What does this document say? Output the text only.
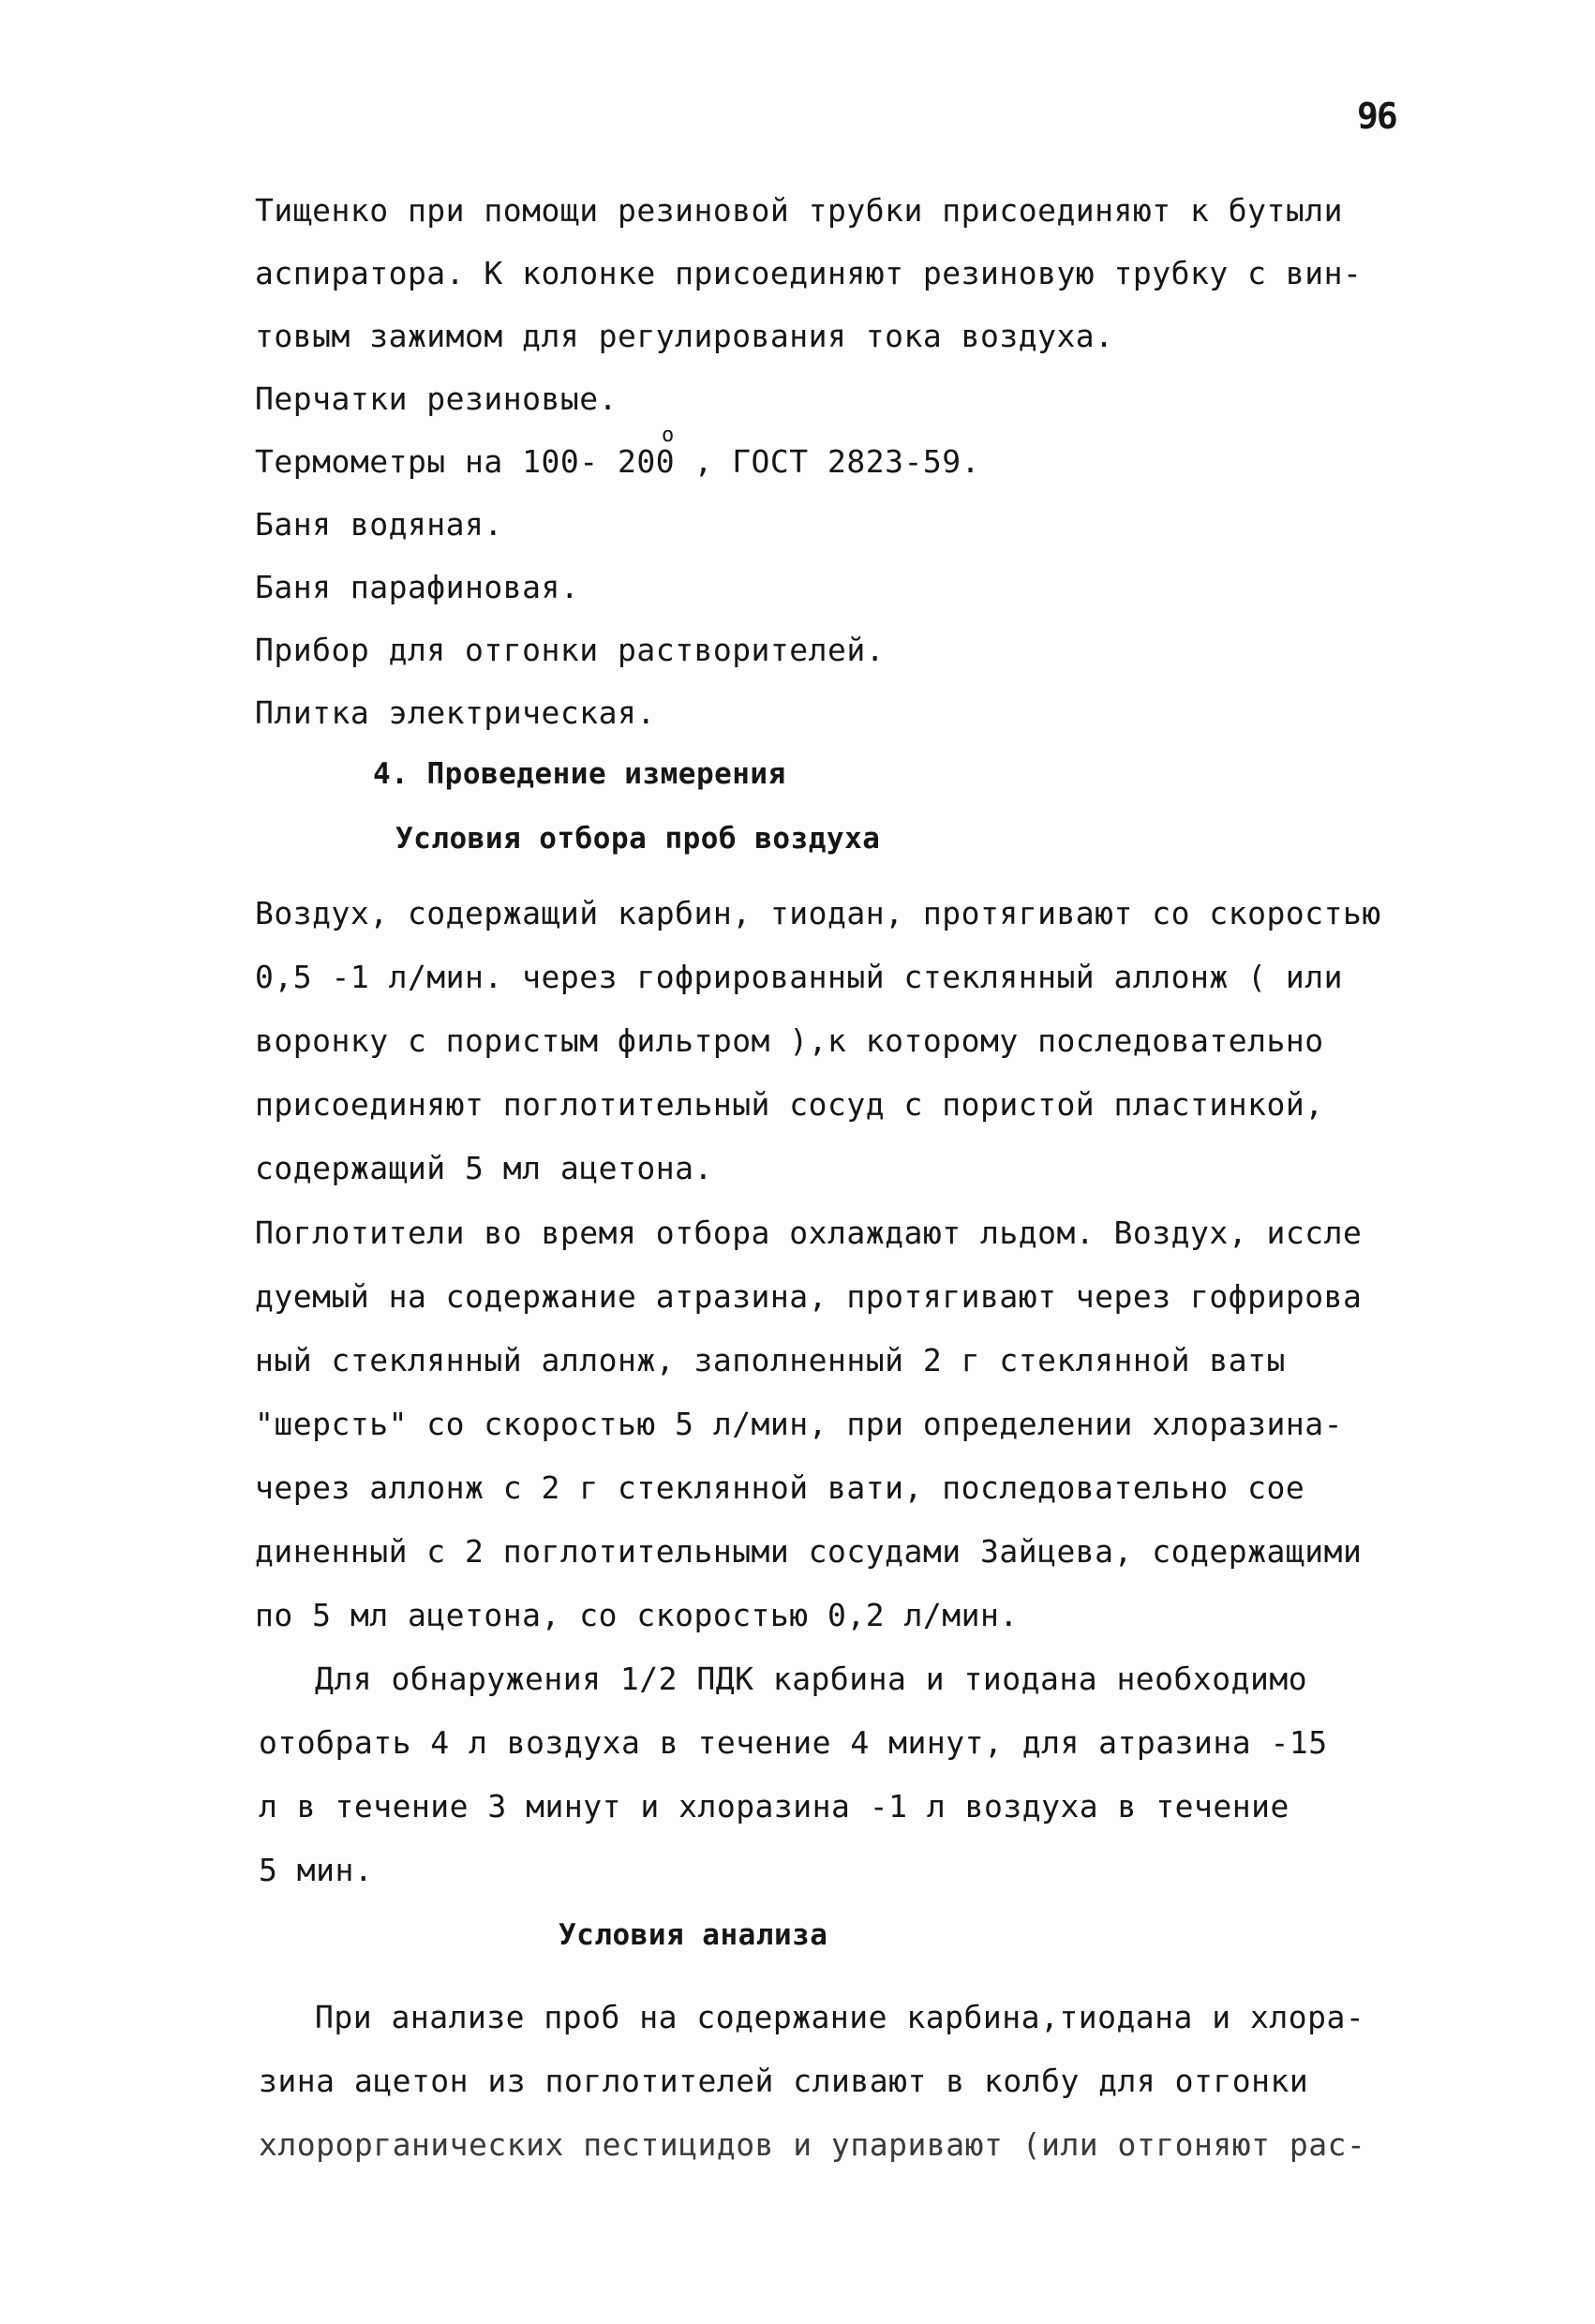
96
Тищенко при помощи резиновой трубки присоединяют к бутыли
аспиратора. К колонке присоединяют резиновую трубку с вин-
товым зажимом для регулирования тока воздуха.
Перчатки резиновые.
Термометры на 100- 200 , ГОСТ 2823-59.
о
Баня водяная.
Баня парафиновая.
Прибор для отгонки растворителей.
Плитка электрическая.
4. Проведение измерения
Условия отбора проб воздуха
Воздух, содержащий карбин, тиодан, протягивают со скоростью
0,5 -1 л/мин. через гофрированный стеклянный аллонж ( или
воронку с пористым фильтром ),к которому последовательно
присоединяют поглотительный сосуд с пористой пластинкой,
содержащий 5 мл ацетона.
Поглотители во время отбора охлаждают льдом. Воздух, иссле
дуемый на содержание атразина, протягивают через гофрирова
ный стеклянный аллонж, заполненный 2 г стеклянной ваты
"шерсть" со скоростью 5 л/мин, при определении хлоразина-
через аллонж с 2 г стеклянной вати, последовательно сое
диненный с 2 поглотительными сосудами Зайцева, содержащими
по 5 мл ацетона, со скоростью 0,2 л/мин.
Для обнаружения 1/2 ПДК карбина и тиодана необходимо
отобрать 4 л воздуха в течение 4 минут, для атразина -15
л в течение 3 минут и хлоразина -1 л воздуха в течение
5 мин.
Условия анализа
При анализе проб на содержание карбина,тиодана и хлора-
зина ацетон из поглотителей сливают в колбу для отгонки
хлорорганических пестицидов и упаривают (или отгоняют рас-
